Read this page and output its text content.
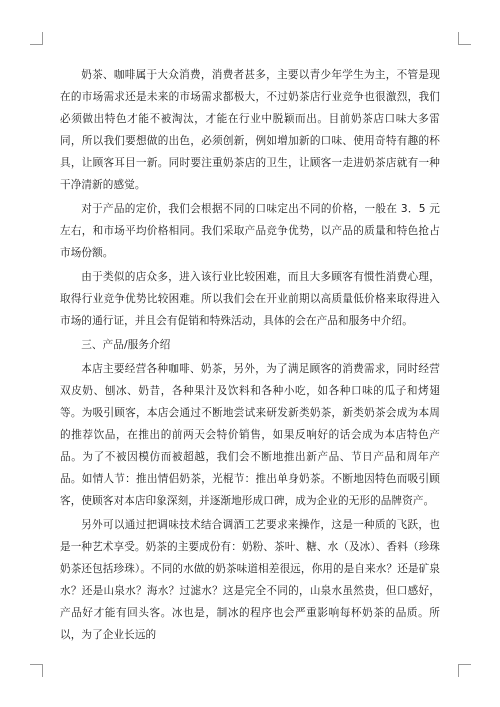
奶茶、咖啡属于大众消费，消费者甚多，主要以青少年学生为主，不管是现在的市场需求还是未来的市场需求都极大，不过奶茶店行业竞争也很激烈，我们必须做出特色才能不被淘汰，才能在行业中脱颖而出。目前奶茶店口味大多雷同，所以我们要想做的出色，必须创新，例如增加新的口味、使用奇特有趣的杯具，让顾客耳目一新。同时要注重奶茶店的卫生，让顾客一走进奶茶店就有一种干净清新的感觉。

对于产品的定价，我们会根据不同的口味定出不同的价格，一般在 3．5 元左右，和市场平均价格相同。我们采取产品竞争优势，以产品的质量和特色抢占市场份额。

由于类似的店众多，进入该行业比较困难，而且大多顾客有惯性消费心理，取得行业竞争优势比较困难。所以我们会在开业前期以高质量低价格来取得进入市场的通行证，并且会有促销和特殊活动，具体的会在产品和服务中介绍。

三、产品/服务介绍

本店主要经营各种咖啡、奶茶，另外，为了满足顾客的消费需求，同时经营双皮奶、刨冰、奶昔，各种果汁及饮料和各种小吃，如各种口味的瓜子和烤翅等。为吸引顾客，本店会通过不断地尝试来研发新类奶茶，新类奶茶会成为本周的推荐饮品，在推出的前两天会特价销售，如果反响好的话会成为本店特色产品。为了不被因模仿而被超越，我们会不断地推出新产品、节日产品和周年产品。如情人节：推出情侣奶茶，光棍节：推出单身奶茶。不断地因特色而吸引顾客，使顾客对本店印象深刻，并逐渐地形成口碑，成为企业的无形的品牌资产。

另外可以通过把调味技术结合调酒工艺要求来操作，这是一种质的飞跃，也是一种艺术享受。奶茶的主要成份有：奶粉、茶叶、糖、水（及冰）、香料（珍珠奶茶还包括珍珠）。不同的水做的奶茶味道相差很远，你用的是自来水？还是矿泉水？还是山泉水？海水？过滤水？这是完全不同的，山泉水虽然贵，但口感好，产品好才能有回头客。冰也是，制冰的程序也会严重影响每杯奶茶的品质。所以，为了企业长远的
